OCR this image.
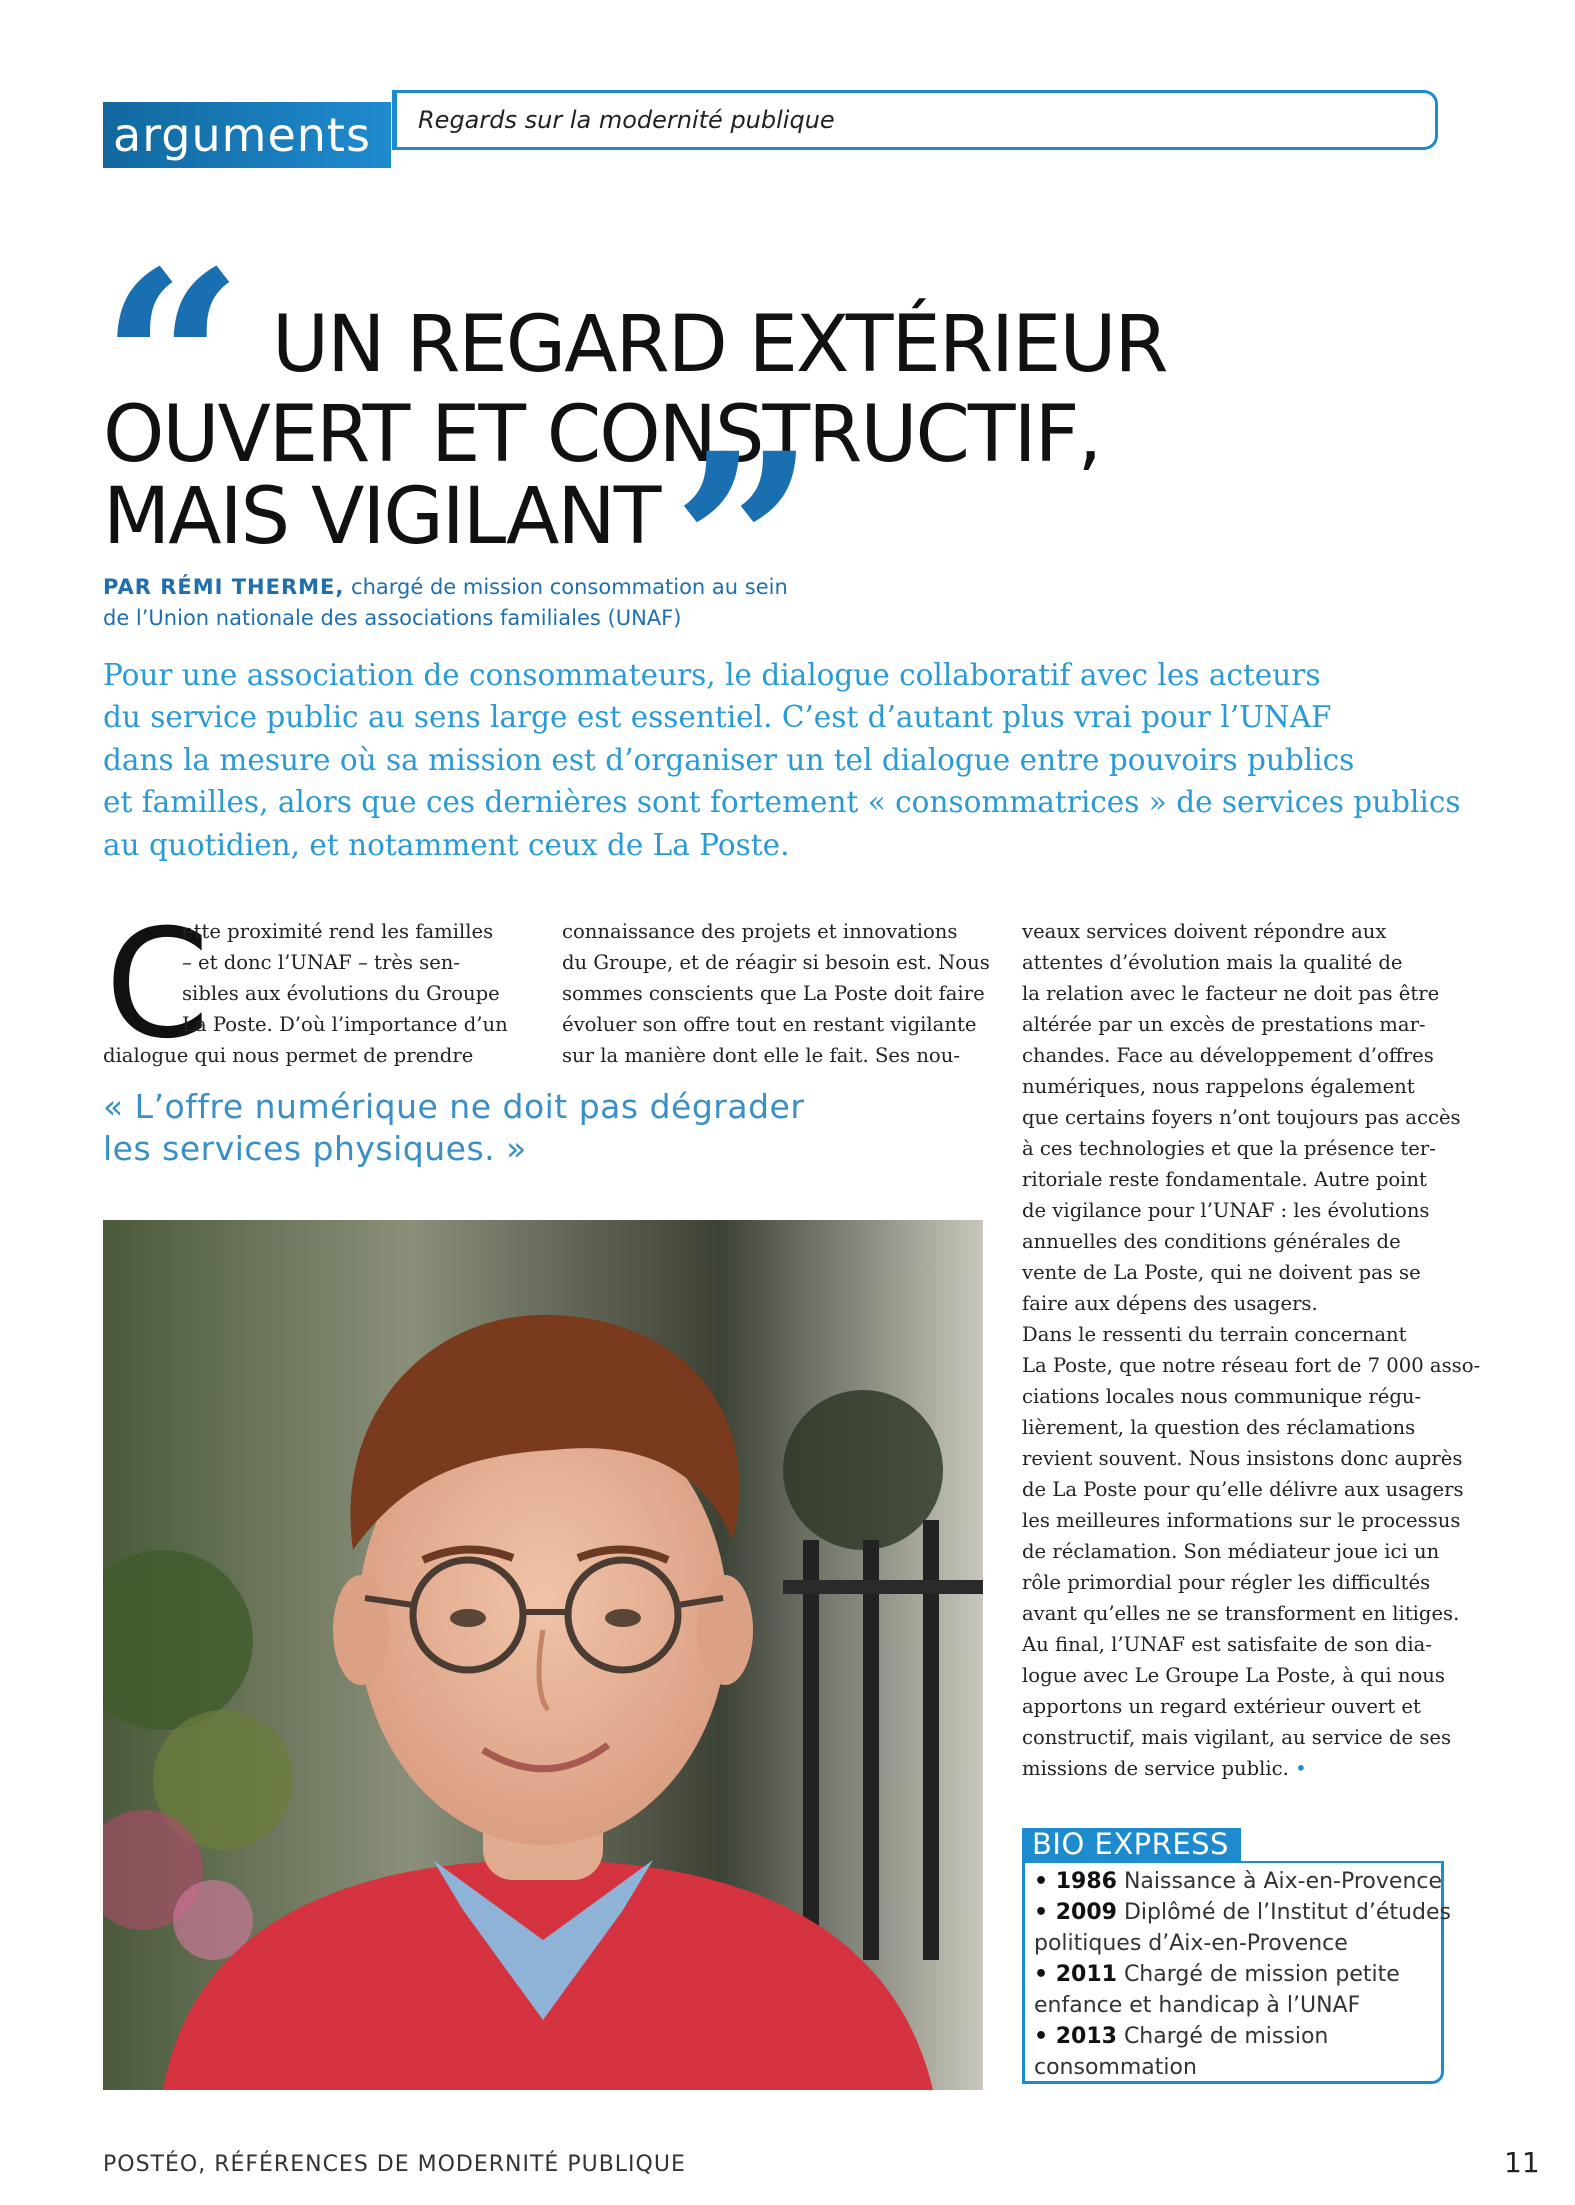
arguments	Regards sur la modernité publique
“ UN REGARD EXTÉRIEUR
OUVERT ET CONSTRUCTIF,
MAIS VIGILANT ”
PAR RÉMI THERME, chargé de mission consommation au sein
de l’Union nationale des associations familiales (UNAF)
Pour une association de consommateurs, le dialogue collaboratif avec les acteurs
du service public au sens large est essentiel. C’est d’autant plus vrai pour l’UNAF
dans la mesure où sa mission est d’organiser un tel dialogue entre pouvoirs publics
et familles, alors que ces dernières sont fortement « consommatrices » de services publics
au quotidien, et notamment ceux de La Poste.
C
ette proximité rend les familles
– et donc l’UNAF – très sen-
sibles aux évolutions du Groupe
La Poste. D’où l’importance d’un
dialogue qui nous permet de prendre
connaissance des projets et innovations
du Groupe, et de réagir si besoin est. Nous
sommes conscients que La Poste doit faire
évoluer son offre tout en restant vigilante
sur la manière dont elle le fait. Ses nou-
« L’offre numérique ne doit pas dégrader
les services physiques. »
veaux services doivent répondre aux
attentes d’évolution mais la qualité de
la relation avec le facteur ne doit pas être
altérée par un excès de prestations mar-
chandes. Face au développement d’offres
numériques, nous rappelons également
que certains foyers n’ont toujours pas accès
à ces technologies et que la présence ter-
ritoriale reste fondamentale. Autre point
de vigilance pour l’UNAF : les évolutions
annuelles des conditions générales de
vente de La Poste, qui ne doivent pas se
faire aux dépens des usagers.
Dans le ressenti du terrain concernant
La Poste, que notre réseau fort de 7 000 asso-
ciations locales nous communique régu-
lièrement, la question des réclamations
revient souvent. Nous insistons donc auprès
de La Poste pour qu’elle délivre aux usagers
les meilleures informations sur le processus
de réclamation. Son médiateur joue ici un
rôle primordial pour régler les difficultés
avant qu’elles ne se transforment en litiges.
Au final, l’UNAF est satisfaite de son dia-
logue avec Le Groupe La Poste, à qui nous
apportons un regard extérieur ouvert et
constructif, mais vigilant, au service de ses
missions de service public. •
BIO EXPRESS
• 1986 Naissance à Aix-en-Provence
• 2009 Diplômé de l’Institut d’études
politiques d’Aix-en-Provence
• 2011 Chargé de mission petite
enfance et handicap à l’UNAF
• 2013 Chargé de mission
consommation
POSTÉO, RÉFÉRENCES DE MODERNITÉ PUBLIQUE	11
